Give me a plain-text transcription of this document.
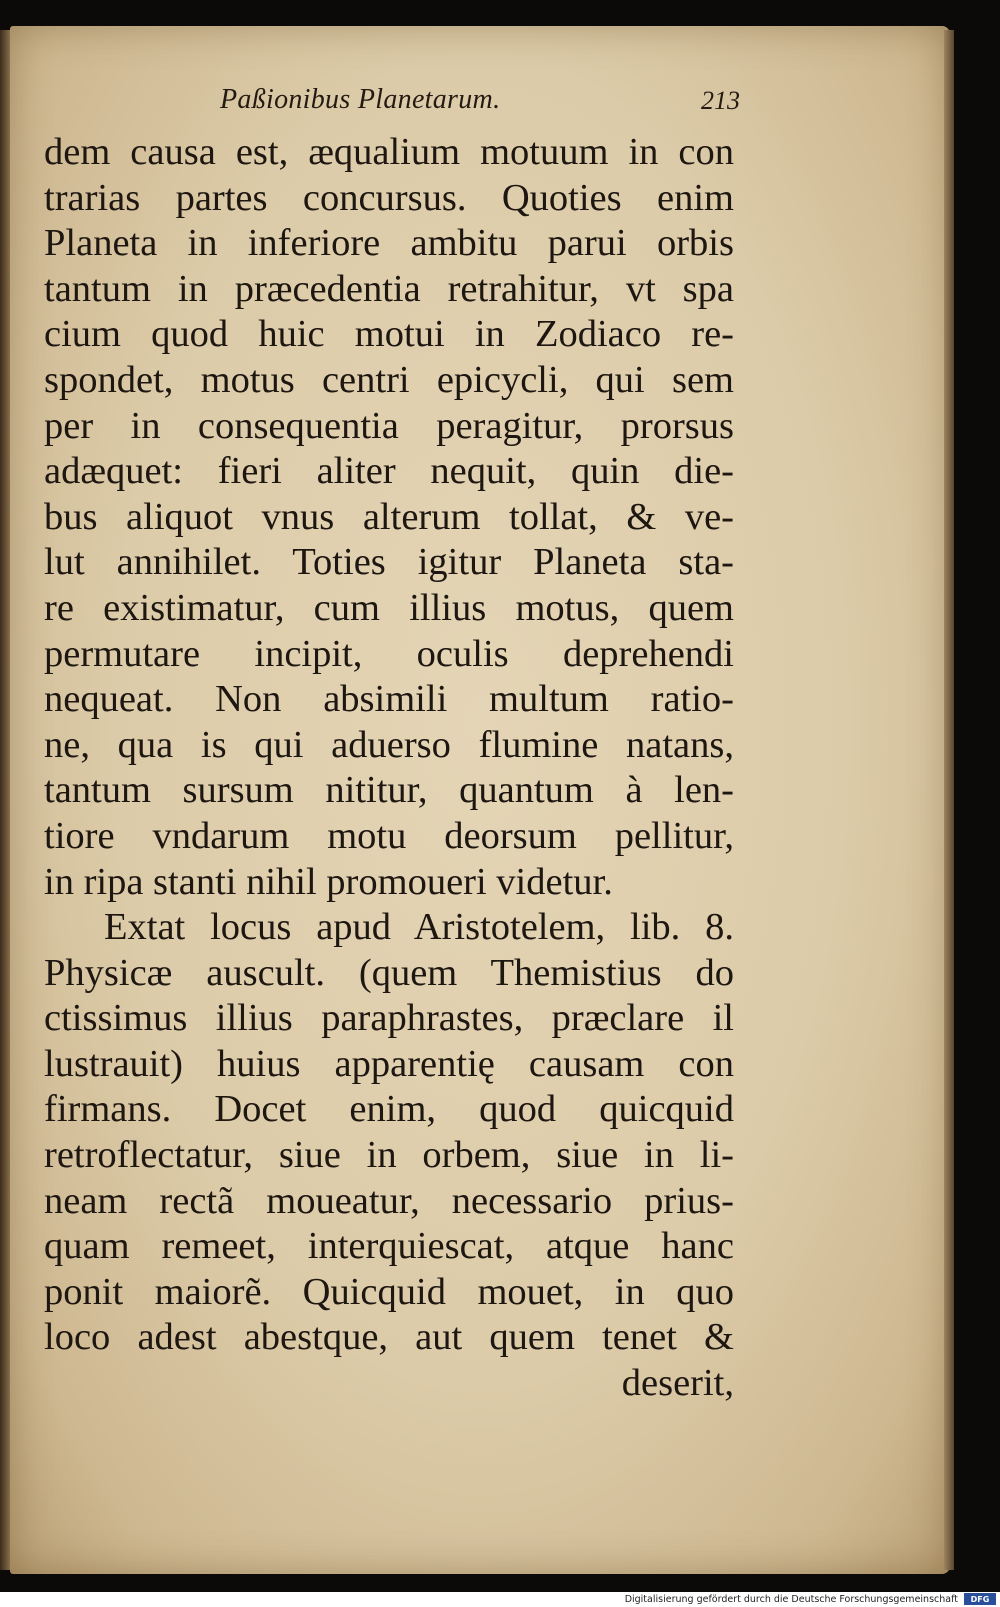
Paßionibus Planetarum.	213
dem causa est, æqualium motuum in con
trarias partes concursus. Quoties enim
Planeta in inferiore ambitu parui orbis
tantum in præcedentia retrahitur, vt spa
cium quod huic motui in Zodiaco re-
spondet, motus centri epicycli, qui sem
per in consequentia peragitur, prorsus
adæquet: fieri aliter nequit, quin die-
bus aliquot vnus alterum tollat, & ve-
lut annihilet. Toties igitur Planeta sta-
re existimatur, cum illius motus, quem
permutare incipit, oculis deprehendi
nequeat. Non absimili multum ratio-
ne, qua is qui aduerso flumine natans,
tantum sursum nititur, quantum à len-
tiore vndarum motu deorsum pellitur,
in ripa stanti nihil promoueri videtur.
Extat locus apud Aristotelem, lib. 8.
Physicæ auscult. (quem Themistius do
ctissimus illius paraphrastes, præclare il
lustrauit) huius apparentię causam con
firmans. Docet enim, quod quicquid
retroflectatur, siue in orbem, siue in li-
neam rectã moueatur, necessario prius-
quam remeet, interquiescat, atque hanc
ponit maiorẽ. Quicquid mouet, in quo
loco adest abestque, aut quem tenet &
deserit,
Digitalisierung gefördert durch die Deutsche Forschungsgemeinschaft	DFG
